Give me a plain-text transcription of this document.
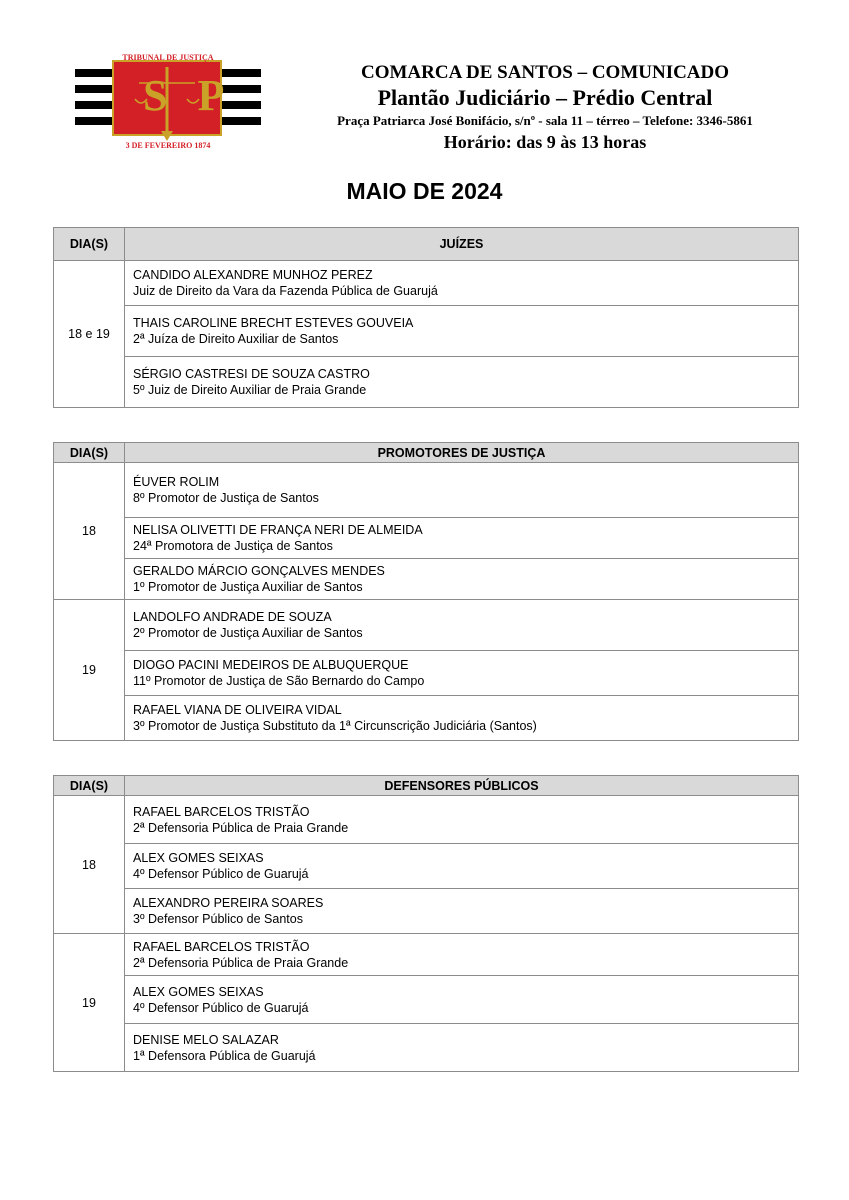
SP
TRIBUNAL DE JUSTIÇA
3 DE FEVEREIRO 1874
COMARCA DE SANTOS – COMUNICADO
Plantão Judiciário – Prédio Central
Praça Patriarca José Bonifácio, s/nº - sala 11 – térreo – Telefone: 3346-5861
Horário: das 9 às 13 horas
MAIO DE 2024
DIA(S)	JUÍZES
18 e 19	CANDIDO ALEXANDRE MUNHOZ PEREZ
Juiz de Direito da Vara da Fazenda Pública de Guarujá

	THAIS CAROLINE BRECHT ESTEVES GOUVEIA
2ª Juíza de Direito Auxiliar de Santos

	SÉRGIO CASTRESI DE SOUZA CASTRO
5º Juiz de Direito Auxiliar de Praia Grande
DIA(S)	PROMOTORES DE JUSTIÇA
18	ÉUVER ROLIM
8º Promotor de Justiça de Santos

	NELISA OLIVETTI DE FRANÇA NERI DE ALMEIDA
24ª Promotora de Justiça de Santos

	GERALDO MÁRCIO GONÇALVES MENDES
1º Promotor de Justiça Auxiliar de Santos

19	LANDOLFO ANDRADE DE SOUZA
2º Promotor de Justiça Auxiliar de Santos

	DIOGO PACINI MEDEIROS DE ALBUQUERQUE
11º Promotor de Justiça de São Bernardo do Campo

	RAFAEL VIANA DE OLIVEIRA VIDAL
3º Promotor de Justiça Substituto da 1ª Circunscrição Judiciária (Santos)
DIA(S)	DEFENSORES PÚBLICOS
18	RAFAEL BARCELOS TRISTÃO
2ª Defensoria Pública de Praia Grande

	ALEX GOMES SEIXAS
4º Defensor Público de Guarujá

	ALEXANDRO PEREIRA SOARES
3º Defensor Público de Santos

19	RAFAEL BARCELOS TRISTÃO
2ª Defensoria Pública de Praia Grande

	ALEX GOMES SEIXAS
4º Defensor Público de Guarujá

	DENISE MELO SALAZAR
1ª Defensora Pública de Guarujá
